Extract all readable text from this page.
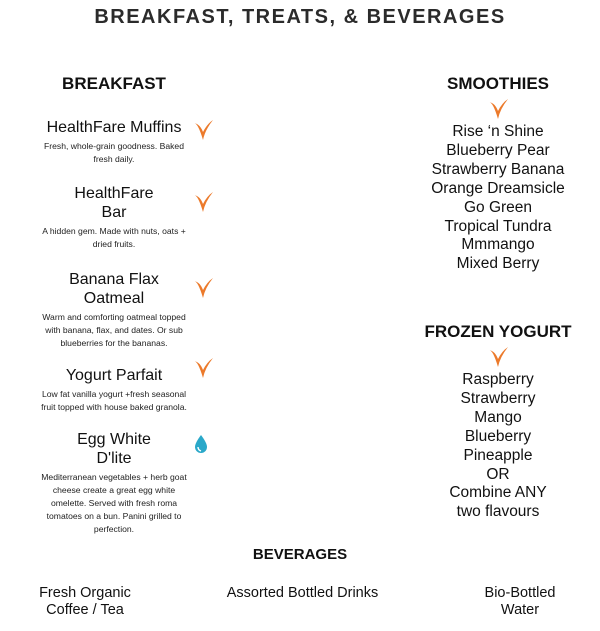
BREAKFAST, TREATS, & BEVERAGES
BREAKFAST
HealthFare Muffins
Fresh, whole-grain goodness. Baked
fresh daily.
HealthFare
Bar
A hidden gem. Made with nuts, oats +
dried fruits.
Banana Flax
Oatmeal
Warm and comforting oatmeal topped
with banana, flax, and dates. Or sub
blueberries for the bananas.
Yogurt Parfait
Low fat vanilla yogurt +fresh seasonal
fruit topped with house baked granola.
Egg White
D'lite
Mediterranean vegetables + herb goat
cheese create a great egg white
omelette. Served with fresh roma
tomatoes on a bun. Panini grilled to
perfection.
SMOOTHIES
Rise ‘n Shine
Blueberry Pear
Strawberry Banana
Orange Dreamsicle
Go Green
Tropical Tundra
Mmmango
Mixed Berry
FROZEN YOGURT
Raspberry
Strawberry
Mango
Blueberry
Pineapple
OR
Combine ANY
two flavours
BEVERAGES
Fresh Organic
Coffee / Tea
Assorted Bottled Drinks	Bio-Bottled
Water
